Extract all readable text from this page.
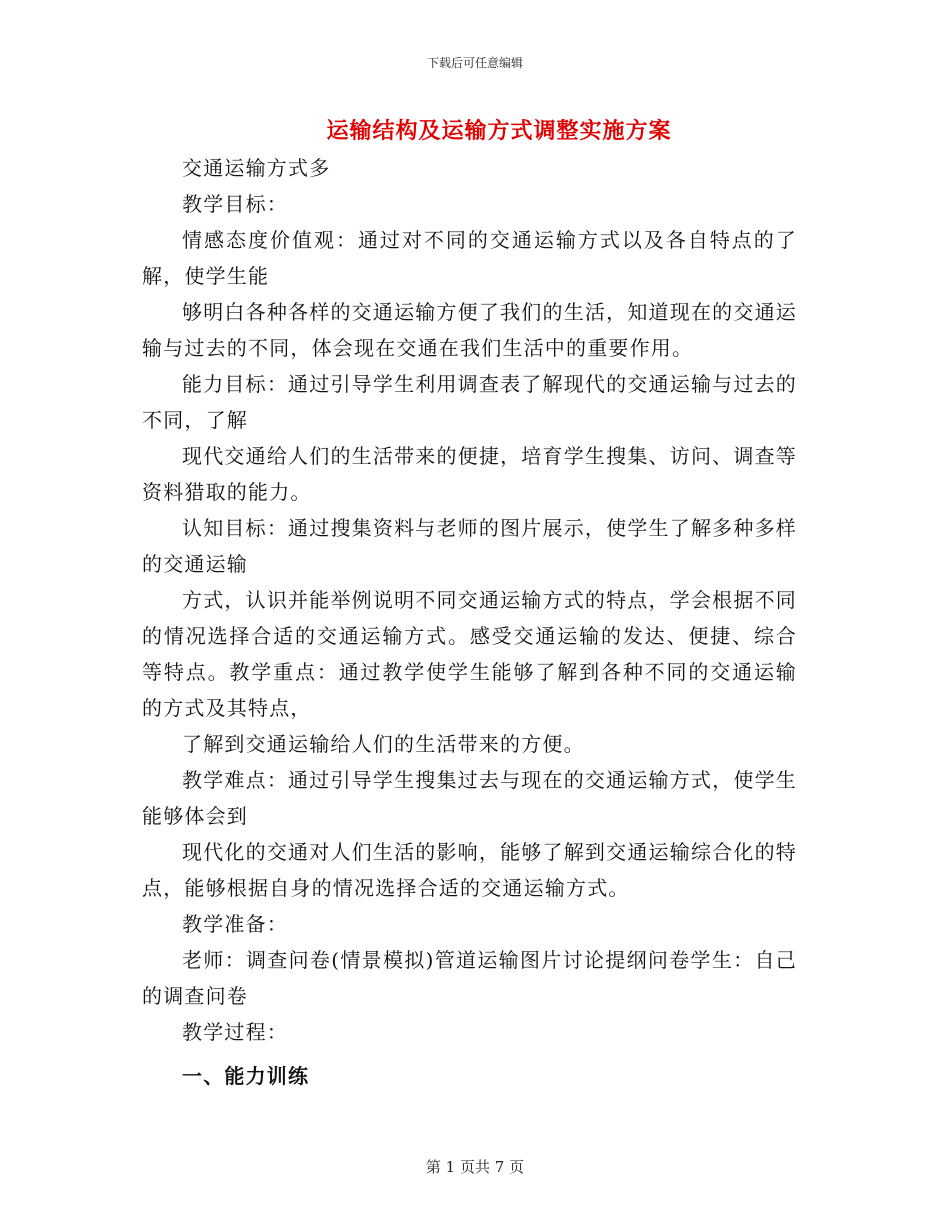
下载后可任意编辑
运输结构及运输方式调整实施方案

交通运输方式多

教学目标：

情感态度价值观：通过对不同的交通运输方式以及各自特点的了解，使学生能

够明白各种各样的交通运输方便了我们的生活，知道现在的交通运输与过去的不同，体会现在交通在我们生活中的重要作用。

能力目标：通过引导学生利用调查表了解现代的交通运输与过去的不同，了解

现代交通给人们的生活带来的便捷，培育学生搜集、访问、调查等资料猎取的能力。

认知目标：通过搜集资料与老师的图片展示，使学生了解多种多样的交通运输

方式，认识并能举例说明不同交通运输方式的特点，学会根据不同的情况选择合适的交通运输方式。感受交通运输的发达、便捷、综合等特点。教学重点：通过教学使学生能够了解到各种不同的交通运输的方式及其特点，

了解到交通运输给人们的生活带来的方便。

教学难点：通过引导学生搜集过去与现在的交通运输方式，使学生能够体会到

现代化的交通对人们生活的影响，能够了解到交通运输综合化的特点，能够根据自身的情况选择合适的交通运输方式。

教学准备：

老师：调查问卷(情景模拟)管道运输图片讨论提纲问卷学生：自己的调查问卷

教学过程：

一、能力训练

第 1 页共 7 页
